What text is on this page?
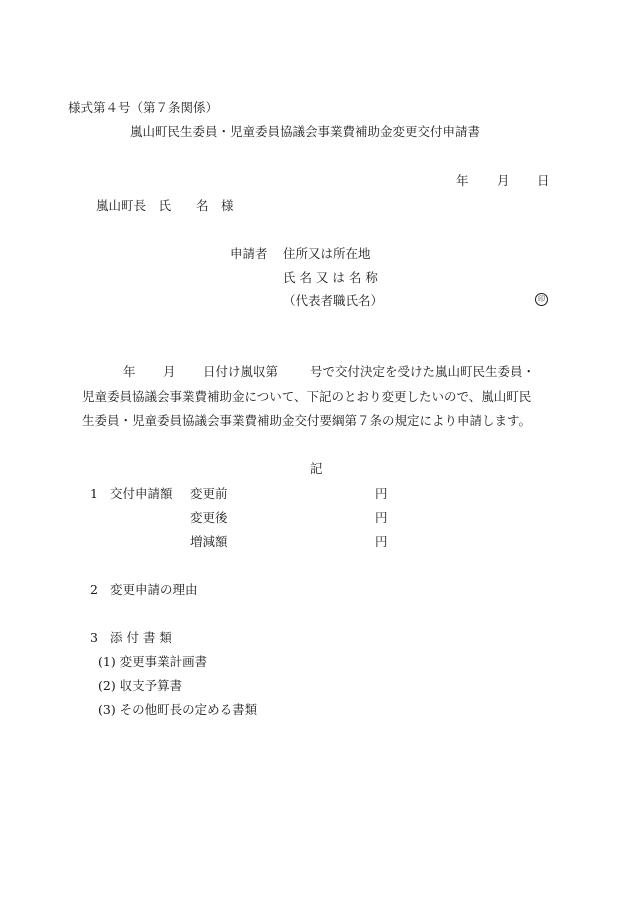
様式第４号（第７条関係）
嵐山町民生委員・児童委員協議会事業費補助金変更交付申請書
年 月 日
嵐山町長　氏　　名　様
申請者 住所又は所在地
氏 名 又 は 名 称
（代表者職氏名）	印
年 月 日付け嵐収第	号で交付決定を受けた嵐山町民生委員・
児童委員協議会事業費補助金について、下記のとおり変更したいので、嵐山町民
生委員・児童委員協議会事業費補助金交付要綱第７条の規定により申請します。
記
1 交付申請額 変更前	円
変更後	円
増減額	円
2 変更申請の理由
3 添 付 書 類
(1) 変更事業計画書
(2) 収支予算書
(3) その他町長の定める書類
